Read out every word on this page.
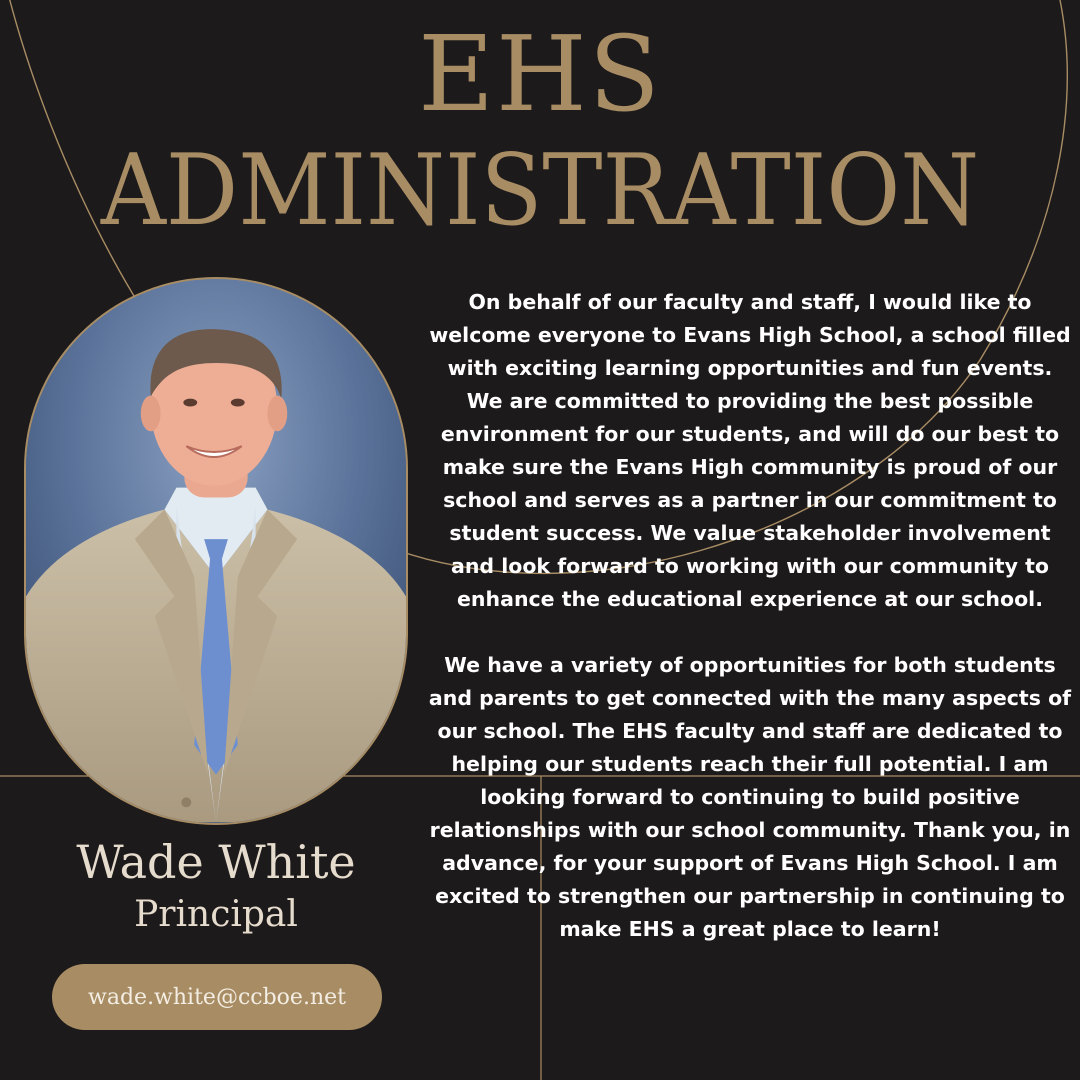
EHS
ADMINISTRATION
Wade White
Principal
wade.white@ccboe.net

On behalf of our faculty and staff, I would like to welcome everyone to Evans High School, a school filled with exciting learning opportunities and fun events. We are committed to providing the best possible environment for our students, and will do our best to make sure the Evans High community is proud of our school and serves as a partner in our commitment to student success. We value stakeholder involvement and look forward to working with our community to enhance the educational experience at our school.

We have a variety of opportunities for both students and parents to get connected with the many aspects of our school. The EHS faculty and staff are dedicated to helping our students reach their full potential. I am looking forward to continuing to build positive relationships with our school community. Thank you, in advance, for your support of Evans High School. I am excited to strengthen our partnership in continuing to make EHS a great place to learn!
